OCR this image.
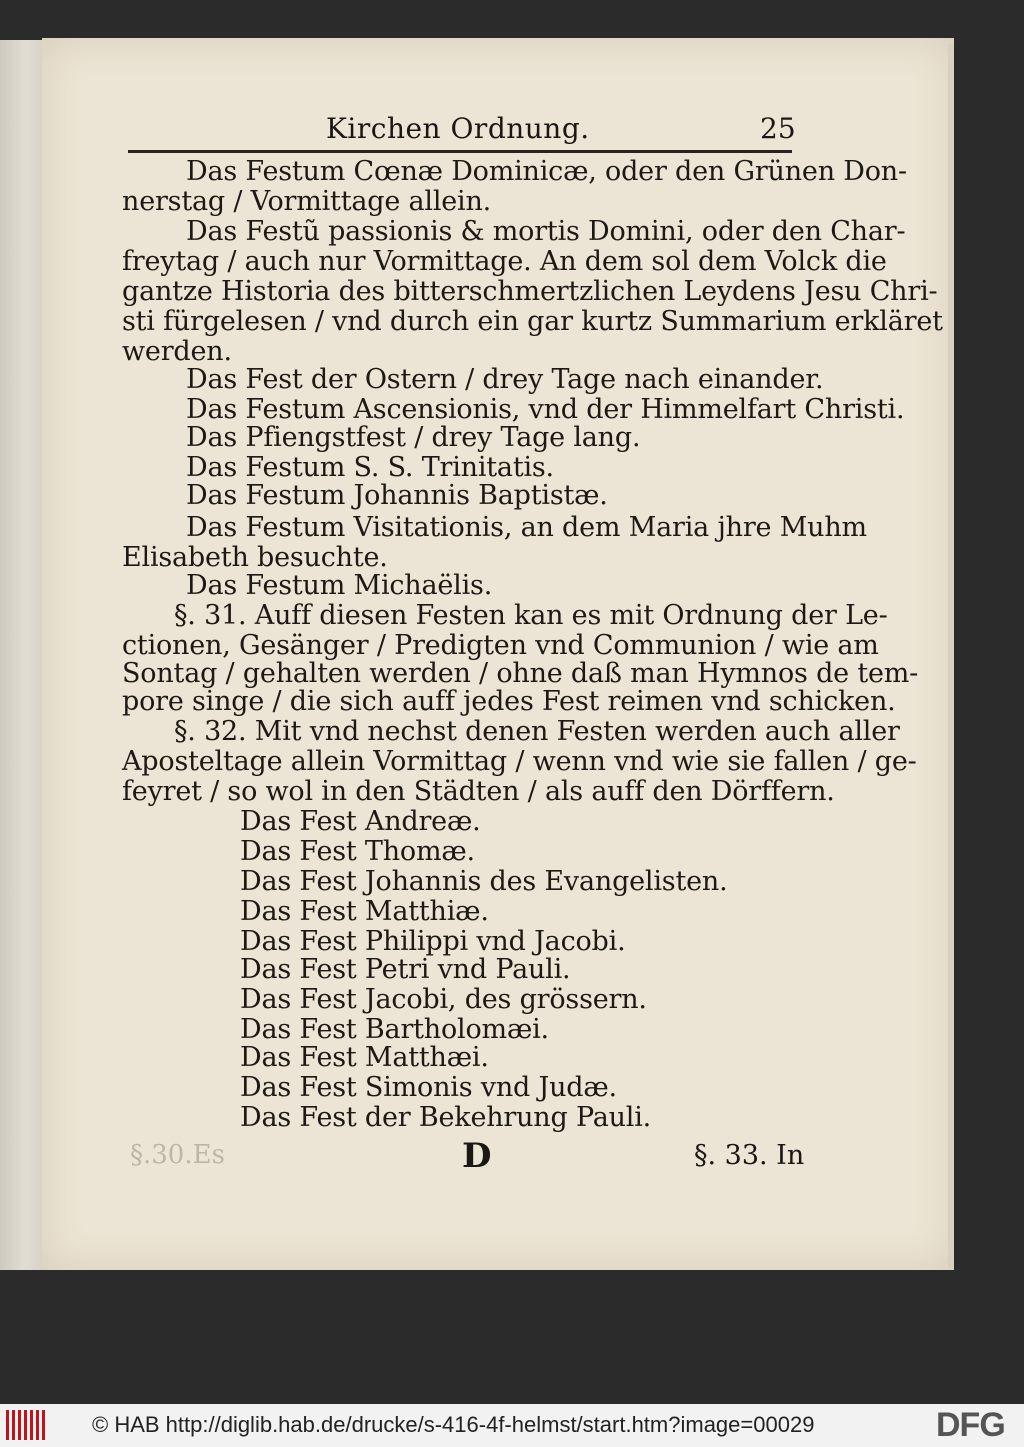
Kirchen Ordnung.	25
Das Festum Cœnæ Dominicæ, oder den Grünen Don-
nerstag / Vormittage allein.
Das Festũ passionis & mortis Domini, oder den Char-
freytag / auch nur Vormittage. An dem sol dem Volck die
gantze Historia des bitterschmertzlichen Leydens Jesu Chri-
sti fürgelesen / vnd durch ein gar kurtz Summarium erkläret
werden.
Das Fest der Ostern / drey Tage nach einander.
Das Festum Ascensionis, vnd der Himmelfart Christi.
Das Pfiengstfest / drey Tage lang.
Das Festum S. S. Trinitatis.
Das Festum Johannis Baptistæ.
Das Festum Visitationis, an dem Maria jhre Muhm
Elisabeth besuchte.
Das Festum Michaëlis.
§. 31. Auff diesen Festen kan es mit Ordnung der Le-
ctionen, Gesänger / Predigten vnd Communion / wie am
Sontag / gehalten werden / ohne daß man Hymnos de tem-
pore singe / die sich auff jedes Fest reimen vnd schicken.
§. 32. Mit vnd nechst denen Festen werden auch aller
Aposteltage allein Vormittag / wenn vnd wie sie fallen / ge-
feyret / so wol in den Städten / als auff den Dörffern.
Das Fest Andreæ.
Das Fest Thomæ.
Das Fest Johannis des Evangelisten.
Das Fest Matthiæ.
Das Fest Philippi vnd Jacobi.
Das Fest Petri vnd Pauli.
Das Fest Jacobi, des grössern.
Das Fest Bartholomæi.
Das Fest Matthæi.
Das Fest Simonis vnd Judæ.
Das Fest der Bekehrung Pauli.
§.30.Es	D	§. 33. In
© HAB http://diglib.hab.de/drucke/s-416-4f-helmst/start.htm?image=00029	DFG
